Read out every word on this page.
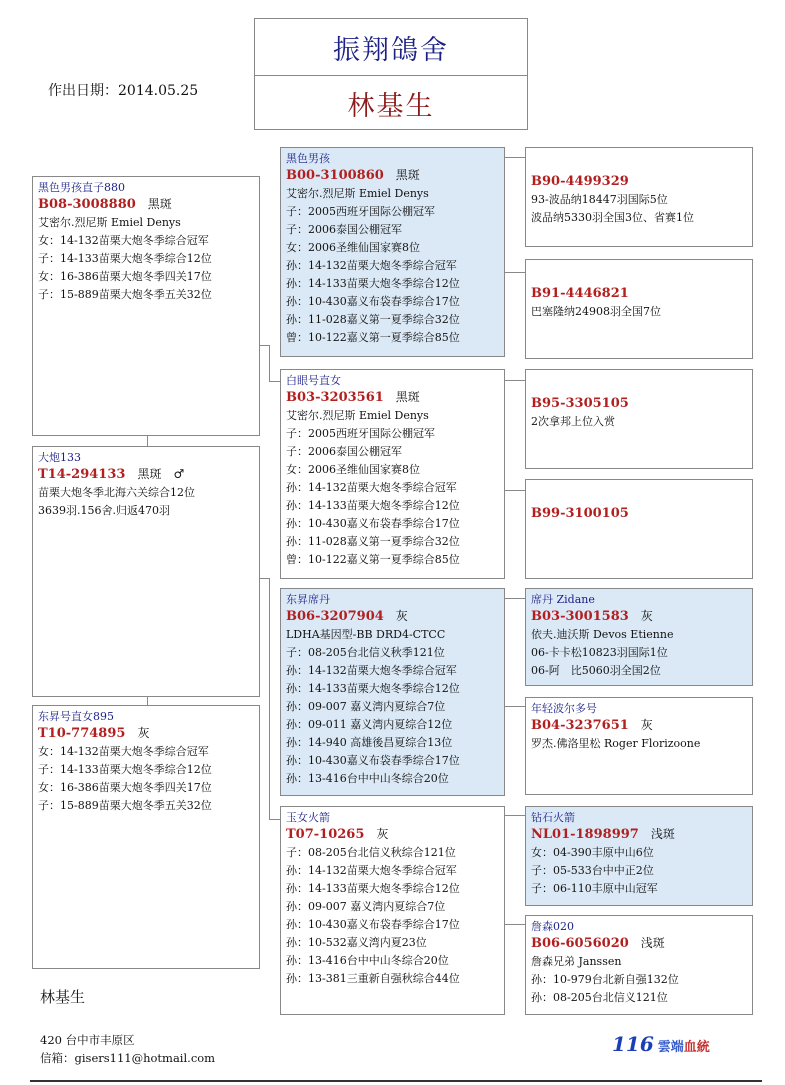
振翔鴿舍
林基生
作出日期：2014.05.25
黑色男孩直子880
B08-3008880 黑斑
艾密尔.烈尼斯 Emiel Denys
女：14-132苗栗大炮冬季综合冠军
子：14-133苗栗大炮冬季综合12位
女：16-386苗栗大炮冬季四关17位
子：15-889苗栗大炮冬季五关32位
大炮133
T14-294133 黑斑　♂
苗栗大炮冬季北海六关综合12位
3639羽.156舍.归返470羽
东昇号直女895
T10-774895 灰
女：14-132苗栗大炮冬季综合冠军
子：14-133苗栗大炮冬季综合12位
女：16-386苗栗大炮冬季四关17位
子：15-889苗栗大炮冬季五关32位
黑色男孩
B00-3100860 黑斑
艾密尔.烈尼斯 Emiel Denys
子：2005西班牙国际公棚冠军
子：2006泰国公棚冠军
女：2006圣维仙国家赛8位
孙：14-132苗栗大炮冬季综合冠军
孙：14-133苗栗大炮冬季综合12位
孙：10-430嘉义布袋春季综合17位
孙：11-028嘉义第一夏季综合32位
曾：10-122嘉义第一夏季综合85位
白眼号直女
B03-3203561 黑斑
艾密尔.烈尼斯 Emiel Denys
子：2005西班牙国际公棚冠军
子：2006泰国公棚冠军
女：2006圣维仙国家赛8位
孙：14-132苗栗大炮冬季综合冠军
孙：14-133苗栗大炮冬季综合12位
孙：10-430嘉义布袋春季综合17位
孙：11-028嘉义第一夏季综合32位
曾：10-122嘉义第一夏季综合85位
东昇席丹
B06-3207904 灰
LDHA基因型-BB DRD4-CTCC
子：08-205台北信义秋季121位
孙：14-132苗栗大炮冬季综合冠军
孙：14-133苗栗大炮冬季综合12位
孙：09-007 嘉义湾内夏综合7位
孙：09-011 嘉义湾内夏综合12位
孙：14-940 高雄後昌夏综合13位
孙：10-430嘉义布袋春季综合17位
孙：13-416台中中山冬综合20位
玉女火箭
T07-10265 灰
子：08-205台北信义秋综合121位
孙：14-132苗栗大炮冬季综合冠军
孙：14-133苗栗大炮冬季综合12位
孙：09-007 嘉义湾内夏综合7位
孙：10-430嘉义布袋春季综合17位
孙：10-532嘉义湾内夏23位
孙：13-416台中中山冬综合20位
孙：13-381三重新自强秋综合44位
B90-4499329
93-波品纳18447羽国际5位
波品纳5330羽全国3位、省赛1位
B91-4446821
巴塞隆纳24908羽全国7位
B95-3305105
2次拿邦上位入赏
B99-3100105
席丹 Zidane
B03-3001583 灰
依夫.迪沃斯 Devos Etienne
06-卡卡松10823羽国际1位
06-阿　比5060羽全国2位
年轻波尔多号
B04-3237651 灰
罗杰.佛洛里松 Roger Florizoone
钻石火箭
NL01-1898997 浅斑
女：04-390丰原中山6位
子：05-533台中中正2位
子：06-110丰原中山冠军
詹森020
B06-6056020 浅斑
詹森兄弟 Janssen
孙：10-979台北新自强132位
孙：08-205台北信义121位
林基生
420 台中市丰原区
信箱：gisers111@hotmail.com
116 雲端 血統
